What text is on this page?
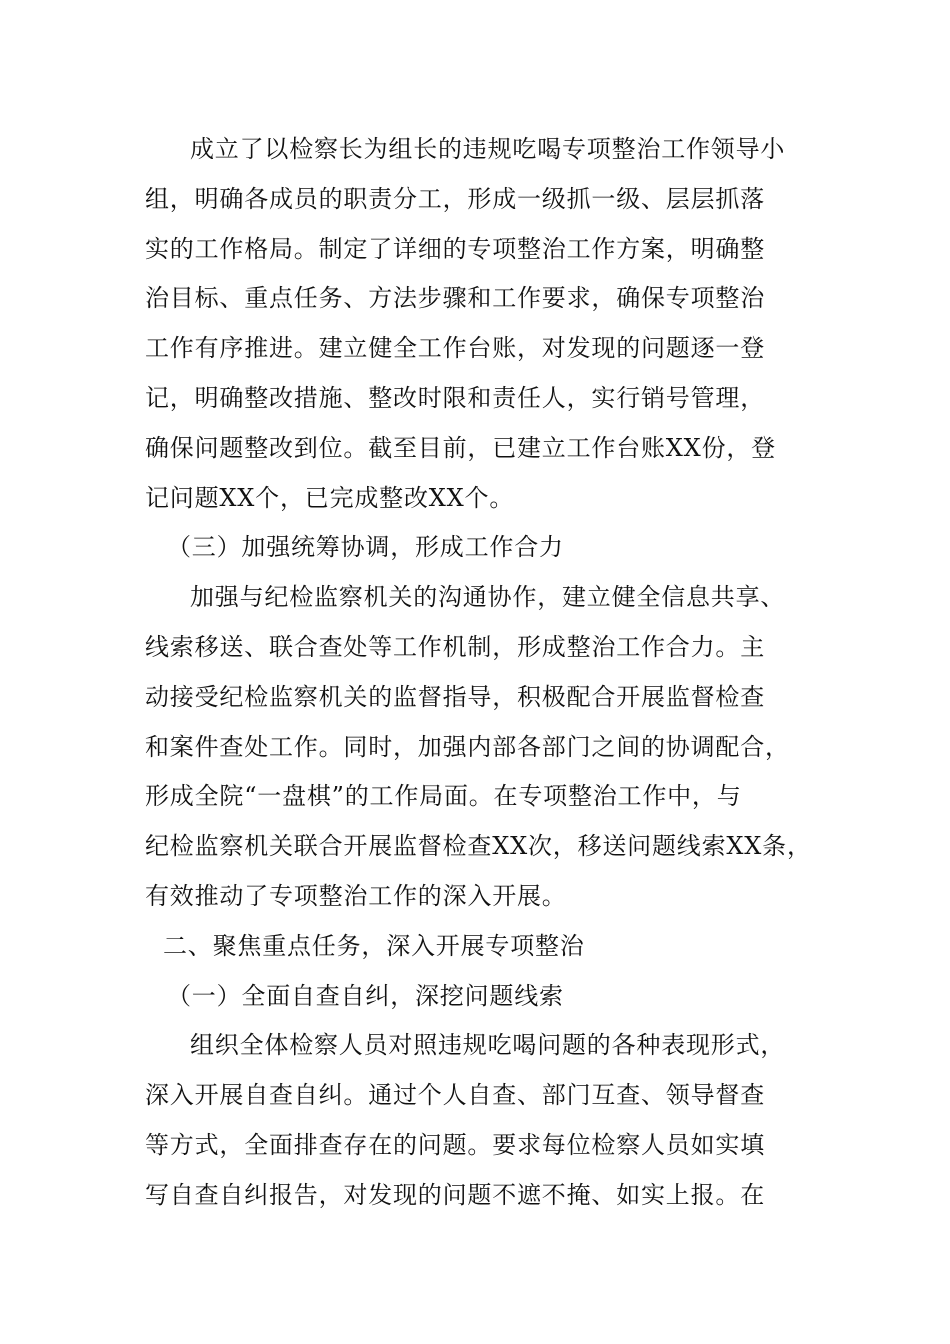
成立了以检察长为组长的违规吃喝专项整治工作领导小
组，明确各成员的职责分工，形成一级抓一级、层层抓落
实的工作格局。制定了详细的专项整治工作方案，明确整
治目标、重点任务、方法步骤和工作要求，确保专项整治
工作有序推进。建立健全工作台账，对发现的问题逐一登
记，明确整改措施、整改时限和责任人，实行销号管理，
确保问题整改到位。截至目前，已建立工作台账XX份，登
记问题XX个，已完成整改XX个。
（三）加强统筹协调，形成工作合力
加强与纪检监察机关的沟通协作，建立健全信息共享、
线索移送、联合查处等工作机制，形成整治工作合力。主
动接受纪检监察机关的监督指导，积极配合开展监督检查
和案件查处工作。同时，加强内部各部门之间的协调配合，
形成全院“一盘棋”的工作局面。在专项整治工作中，与
纪检监察机关联合开展监督检查XX次，移送问题线索XX条，
有效推动了专项整治工作的深入开展。
二、聚焦重点任务，深入开展专项整治
（一）全面自查自纠，深挖问题线索
组织全体检察人员对照违规吃喝问题的各种表现形式，
深入开展自查自纠。通过个人自查、部门互查、领导督查
等方式，全面排查存在的问题。要求每位检察人员如实填
写自查自纠报告，对发现的问题不遮不掩、如实上报。在
